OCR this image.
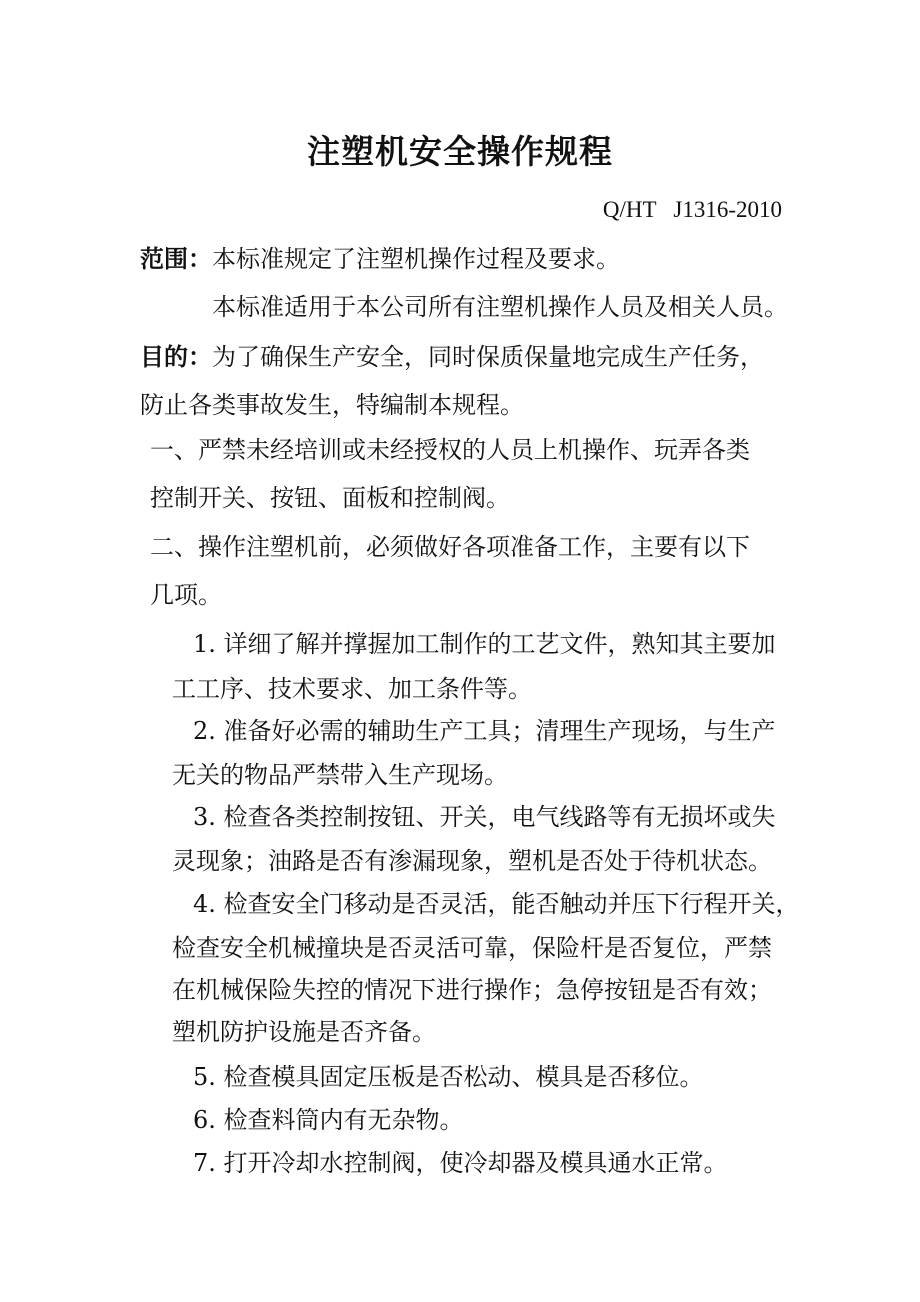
注塑机安全操作规程
Q/HT   J1316-2010
范围：本标准规定了注塑机操作过程及要求。
本标准适用于本公司所有注塑机操作人员及相关人员。
目的：为了确保生产安全，同时保质保量地完成生产任务，
防止各类事故发生，特编制本规程。
一、严禁未经培训或未经授权的人员上机操作、玩弄各类
控制开关、按钮、面板和控制阀。
二、操作注塑机前，必须做好各项准备工作，主要有以下
几项。
1. 详细了解并撑握加工制作的工艺文件，熟知其主要加
工工序、技术要求、加工条件等。
2. 准备好必需的辅助生产工具；清理生产现场，与生产
无关的物品严禁带入生产现场。
3. 检查各类控制按钮、开关，电气线路等有无损坏或失
灵现象；油路是否有渗漏现象，塑机是否处于待机状态。
4. 检查安全门移动是否灵活，能否触动并压下行程开关，
检查安全机械撞块是否灵活可靠，保险杆是否复位，严禁
在机械保险失控的情况下进行操作；急停按钮是否有效；
塑机防护设施是否齐备。
5. 检查模具固定压板是否松动、模具是否移位。
6. 检查料筒内有无杂物。
7. 打开冷却水控制阀，使冷却器及模具通水正常。
